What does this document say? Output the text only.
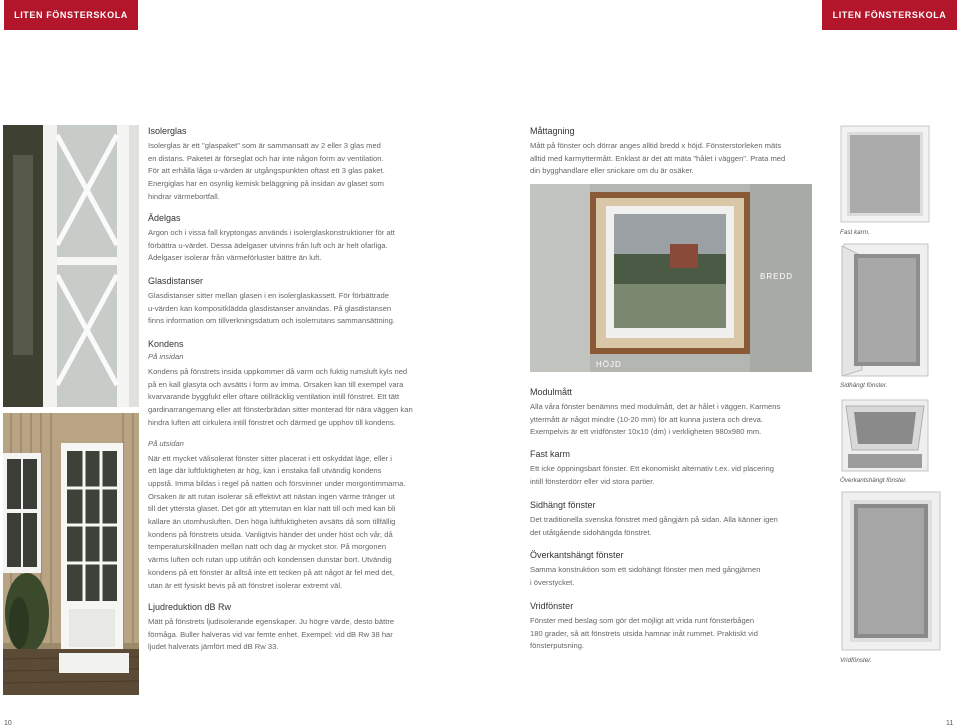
LITEN FÖNSTERSKOLA	LITEN FÖNSTERSKOLA
Isolerglas
Isolerglas är ett "glaspaket" som är sammansatt av 2 eller 3 glas med
en distans. Paketet är förseglat och har inte någon form av ventilation.
För att erhålla låga u-värden är utgångspunkten oftast ett 3 glas paket.
Energiglas har en osynlig kemisk beläggning på insidan av glaset som
hindrar värmebortfall.
Ädelgas
Argon och i vissa fall kryptongas används i isolerglaskonstruktioner för att
förbättra u-värdet. Dessa ädelgaser utvinns från luft och är helt ofarliga.
Ädelgaser isolerar från värmeförluster bättre än luft.
Glasdistanser
Glasdistanser sitter mellan glasen i en isolerglaskassett. För förbättrade
u-värden kan kompositklädda glasdistanser användas. På glasdistansen
finns information om tillverkningsdatum och isolerrutans sammansättning.
Kondens
På insidan
Kondens på fönstrets insida uppkommer då varm och fuktig rumsluft kyls ned
på en kall glasyta och avsätts i form av imma. Orsaken kan till exempel vara
kvarvarande byggfukt eller oftare otillräcklig ventilation intill fönstret. Ett tätt
gardinarrangemang eller att fönsterbrädan sitter monterad för nära väggen kan
hindra luften att cirkulera intill fönstret och därmed ge upphov till kondens.
På utsidan
När ett mycket välisolerat fönster sitter placerat i ett oskyddat läge, eller i
ett läge där luftfuktigheten är hög, kan i enstaka fall utvändig kondens
uppstå. Imma bildas i regel på natten och försvinner under morgontimmarna.
Orsaken är att rutan isolerar så effektivt att nästan ingen värme tränger ut
till det yttersta glaset. Det gör att ytterrutan en klar natt till och med kan bli
kallare än utomhusluften. Den höga luftfuktigheten avsätts då som tillfällig
kondens på fönstrets utsida. Vanligtvis händer det under höst och vår, då
temperaturskillnaden mellan natt och dag är mycket stor. På morgonen
värms luften och rutan upp utifrån och kondensen dunstar bort. Utvändig
kondens på ett fönster är alltså inte ett tecken på att något är fel med det,
utan är ett fysiskt bevis på att fönstret isolerar extremt väl.
Ljudreduktion dB Rw
Mätt på fönstrets ljudisolerande egenskaper. Ju högre värde, desto bättre
förmåga. Buller halveras vid var femte enhet. Exempel: vid dB Rw 38 har
ljudet halverats jämfört med dB Rw 33.
10
Måttagning
Mått på fönster och dörrar anges alltid bredd x höjd. Fönsterstorleken mäts
alltid med karmyttermått. Enklast är det att mäta "hålet i väggen". Prata med
din bygghandlare eller snickare om du är osäker.
BREDD
HÖJD
Modulmått
Alla våra fönster benämns med modulmått, det är hålet i väggen. Karmens
yttermått är något mindre (10-20 mm) för att kunna justera och dreva.
Exempelvis är ett vridfönster 10x10 (dm) i verkligheten 980x980 mm.
Fast karm
Ett icke öppningsbart fönster. Ett ekonomiskt alternativ t.ex. vid placering
intill fönsterdörr eller vid stora partier.
Sidhängt fönster
Det traditionella svenska fönstret med gångjärn på sidan. Alla känner igen
det utåtgående sidohängda fönstret.
Överkantshängt fönster
Samma konstruktion som ett sidohängt fönster men med gångjärnen
i överstycket.
Vridfönster
Fönster med beslag som gör det möjligt att vrida runt fönsterbågen
180 grader, så att fönstrets utsida hamnar inåt rummet. Praktiskt vid
fönsterputsning.
Fast karm.
Sidhängt fönster.
Överkantshängt fönster.
Vridfönster.
11
